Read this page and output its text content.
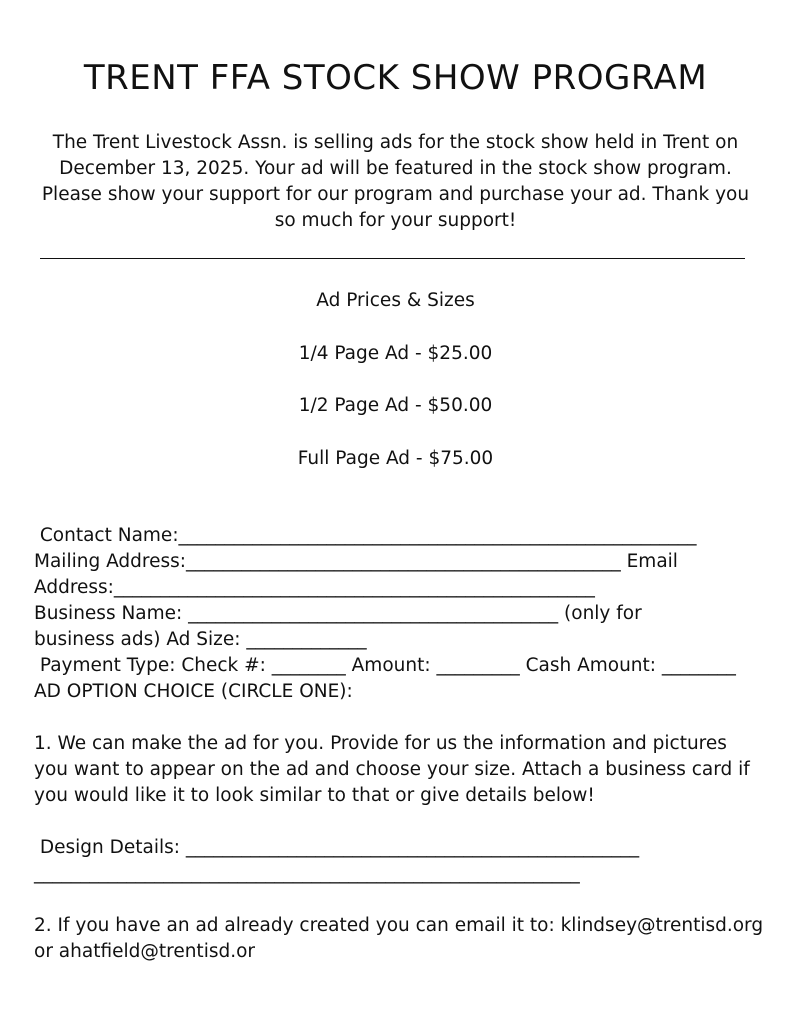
TRENT FFA STOCK SHOW PROGRAM
The Trent Livestock Assn. is selling ads for the stock show held in Trent on
December 13, 2025. Your ad will be featured in the stock show program.
Please show your support for our program and purchase your ad. Thank you
so much for your support!
Ad Prices & Sizes
1/4 Page Ad - $25.00
1/2 Page Ad - $50.00
Full Page Ad - $75.00
Contact Name:________________________________________________________
Mailing Address:_______________________________________________ Email
Address:____________________________________________________
Business Name: ________________________________________ (only for
business ads) Ad Size: _____________
Payment Type: Check #: ________ Amount: _________ Cash Amount: ________
AD OPTION CHOICE (CIRCLE ONE):
1. We can make the ad for you. Provide for us the information and pictures
you want to appear on the ad and choose your size. Attach a business card if
you would like it to look similar to that or give details below!
Design Details: _________________________________________________
___________________________________________________________
2. If you have an ad already created you can email it to: klindsey@trentisd.org
or ahatfield@trentisd.or
